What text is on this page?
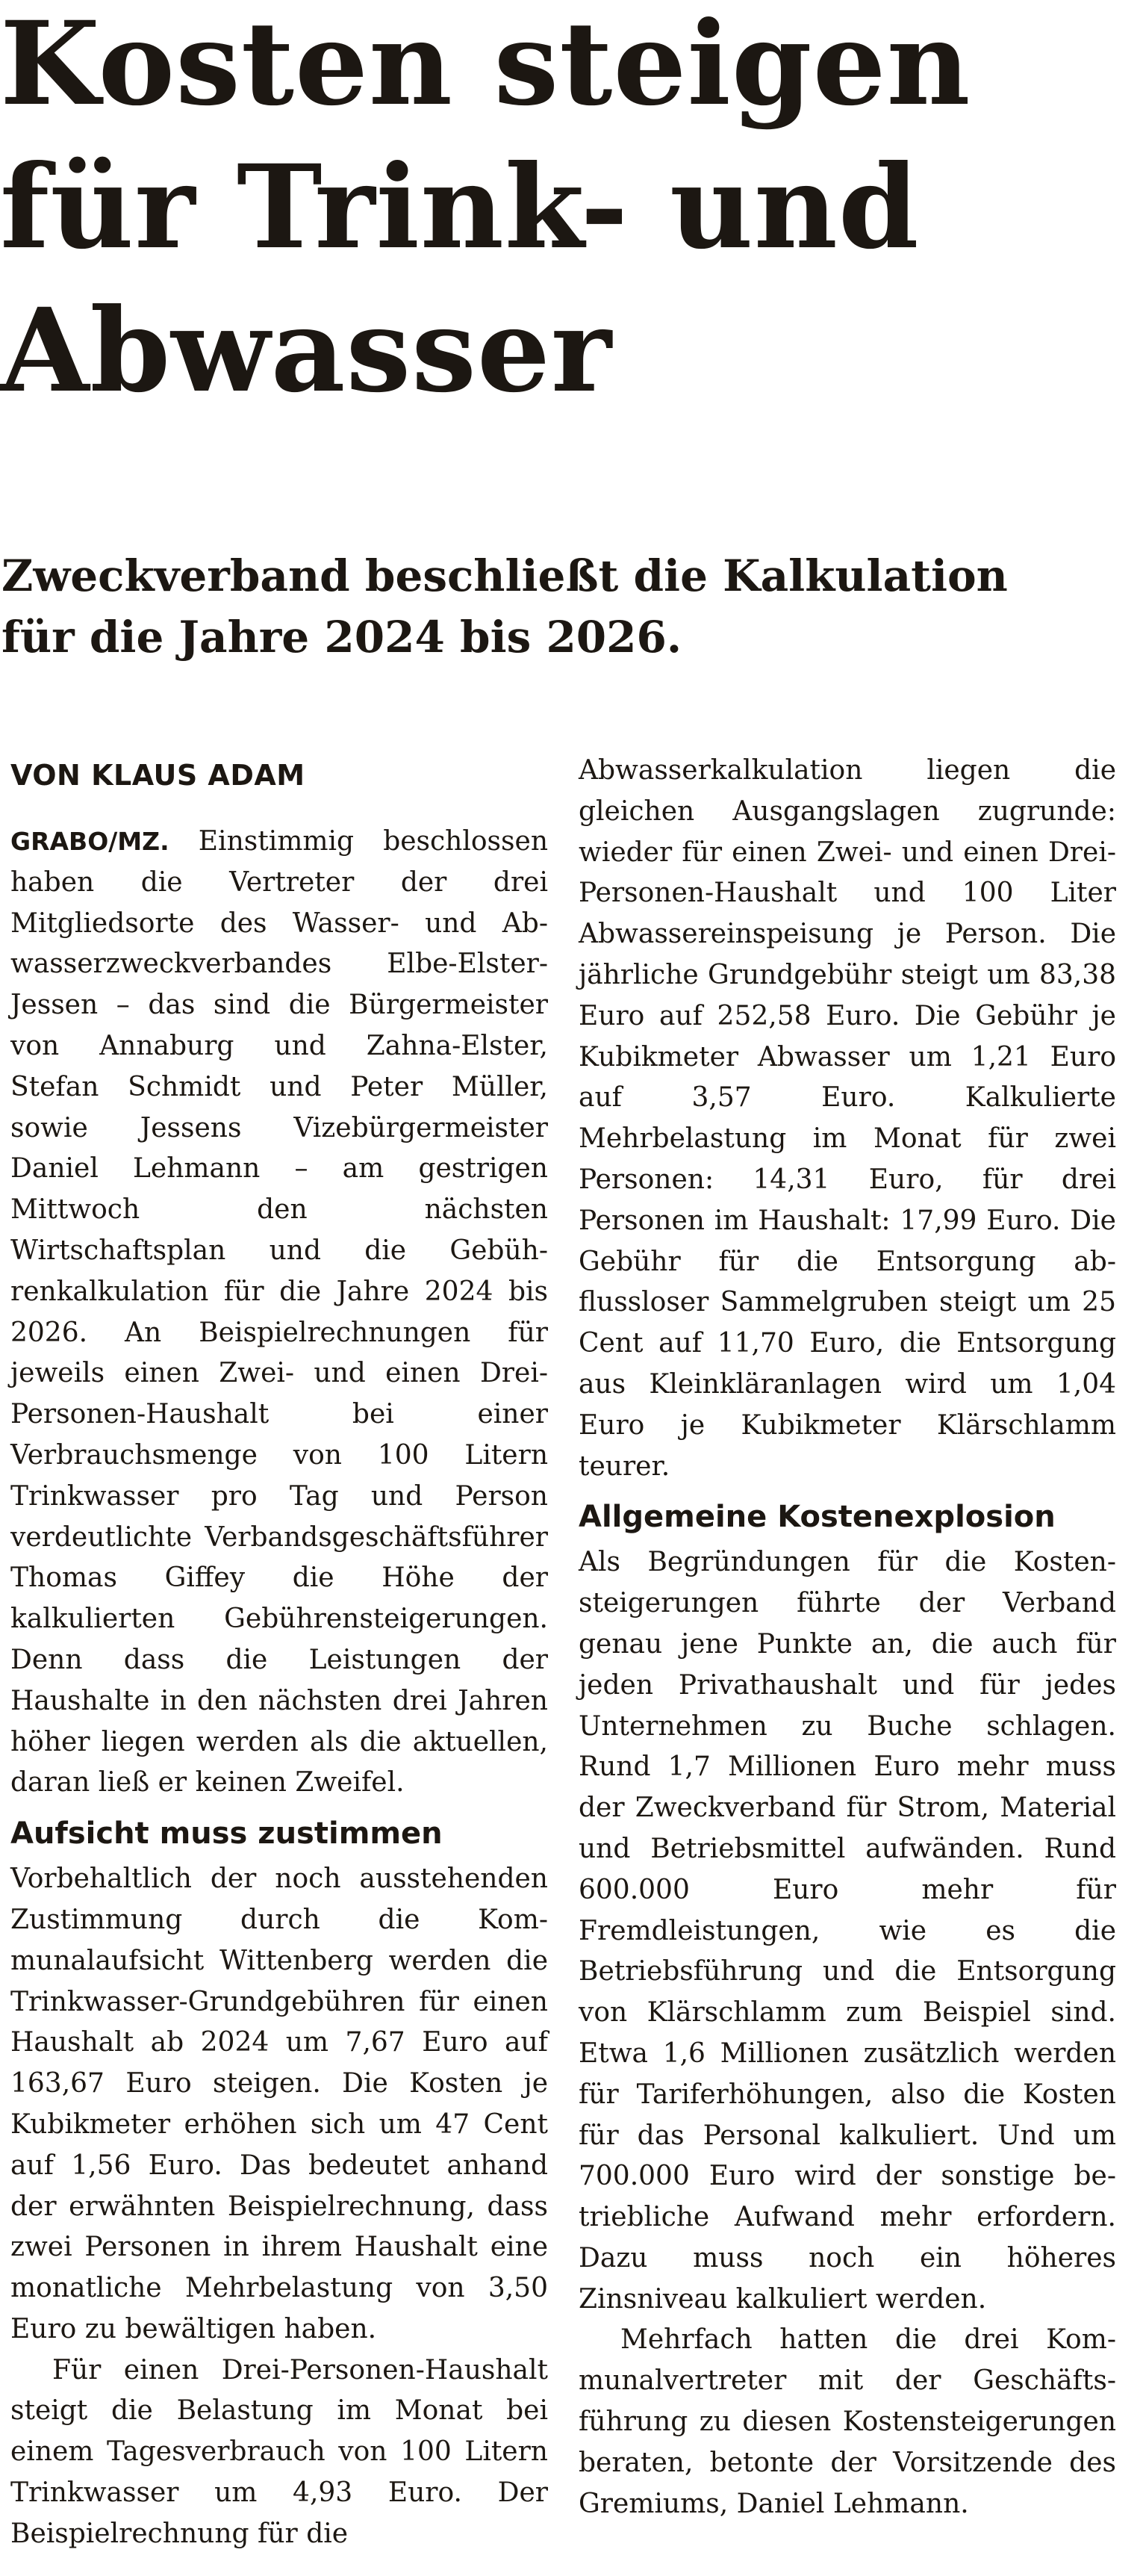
Kosten steigen
für Trink- und
Abwasser
Zweckverband beschließt die Kalkulation
für die Jahre 2024 bis 2026.
VON KLAUS ADAM

GRABO/MZ. Einstimmig beschlossen haben die Vertreter der drei Mitgliedsorte des Wasser- und Abwasserzweckverbandes Elbe-Elster-Jessen – das sind die Bürgermeister von Annaburg und Zahna-Elster, Stefan Schmidt und Peter Müller, sowie Jessens Vizebürgermeister Daniel Lehmann – am gestrigen Mittwoch den nächsten Wirtschaftsplan und die Gebührenkalkulation für die Jahre 2024 bis 2026. An Beispielrechnungen für jeweils einen Zwei- und einen Drei-Personen-Haushalt bei einer Verbrauchsmenge von 100 Litern Trinkwasser pro Tag und Person verdeutlichte Verbandsgeschäftsführer Thomas Giffey die Höhe der kalkulierten Gebührensteigerungen. Denn dass die Leistungen der Haushalte in den nächsten drei Jahren höher liegen werden als die aktuellen, daran ließ er keinen Zweifel.

Aufsicht muss zustimmen

Vorbehaltlich der noch ausstehenden Zustimmung durch die Kommunalaufsicht Wittenberg werden die Trinkwasser-Grundgebühren für einen Haushalt ab 2024 um 7,67 Euro auf 163,67 Euro steigen. Die Kosten je Kubikmeter erhöhen sich um 47 Cent auf 1,56 Euro. Das bedeutet anhand der erwähnten Beispielrechnung, dass zwei Personen in ihrem Haushalt eine monatliche Mehrbelastung von 3,50 Euro zu bewältigen haben.

Für einen Drei-Personen-Haushalt steigt die Belastung im Monat bei einem Tagesverbrauch von 100 Litern Trinkwasser um 4,93 Euro. Der Beispielrechnung für die

Abwasserkalkulation liegen die gleichen Ausgangslagen zugrunde: wieder für einen Zwei- und einen Drei-Personen-Haushalt und 100 Liter Abwassereinspeisung je Person. Die jährliche Grundgebühr steigt um 83,38 Euro auf 252,58 Euro. Die Gebühr je Kubikmeter Abwasser um 1,21 Euro auf 3,57 Euro. Kalkulierte Mehrbelastung im Monat für zwei Personen: 14,31 Euro, für drei Personen im Haushalt: 17,99 Euro. Die Gebühr für die Entsorgung abflussloser Sammelgruben steigt um 25 Cent auf 11,70 Euro, die Entsorgung aus Kleinkläranlagen wird um 1,04 Euro je Kubikmeter Klärschlamm teurer.

Allgemeine Kostenexplosion

Als Begründungen für die Kostensteigerungen führte der Verband genau jene Punkte an, die auch für jeden Privathaushalt und für jedes Unternehmen zu Buche schlagen. Rund 1,7 Millionen Euro mehr muss der Zweckverband für Strom, Material und Betriebsmittel aufwänden. Rund 600.000 Euro mehr für Fremdleistungen, wie es die Betriebsführung und die Entsorgung von Klärschlamm zum Beispiel sind. Etwa 1,6 Millionen zusätzlich werden für Tariferhöhungen, also die Kosten für das Personal kalkuliert. Und um 700.000 Euro wird der sonstige betriebliche Aufwand mehr erfordern. Dazu muss noch ein höheres Zinsniveau kalkuliert werden.

Mehrfach hatten die drei Kommunalvertreter mit der Geschäftsführung zu diesen Kostensteigerungen beraten, betonte der Vorsitzende des Gremiums, Daniel Lehmann.
